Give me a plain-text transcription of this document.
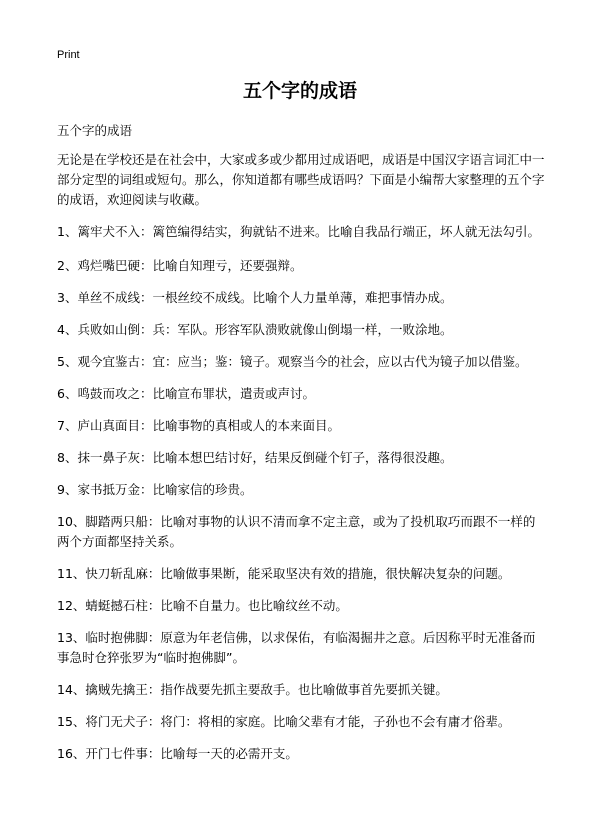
Print
五个字的成语

五个字的成语

无论是在学校还是在社会中，大家或多或少都用过成语吧，成语是中国汉字语言词汇中一部分定型的词组或短句。那么，你知道都有哪些成语吗？下面是小编帮大家整理的五个字的成语，欢迎阅读与收藏。

1、篱牢犬不入：篱笆编得结实，狗就钻不进来。比喻自我品行端正，坏人就无法勾引。

2、鸡烂嘴巴硬：比喻自知理亏，还要强辩。

3、单丝不成线：一根丝绞不成线。比喻个人力量单薄，难把事情办成。

4、兵败如山倒：兵：军队。形容军队溃败就像山倒塌一样，一败涂地。

5、观今宜鉴古：宜：应当；鉴：镜子。观察当今的社会，应以古代为镜子加以借鉴。

6、鸣鼓而攻之：比喻宣布罪状，遣责或声讨。

7、庐山真面目：比喻事物的真相或人的本来面目。

8、抹一鼻子灰：比喻本想巴结讨好，结果反倒碰个钉子，落得很没趣。

9、家书抵万金：比喻家信的珍贵。

10、脚踏两只船：比喻对事物的认识不清而拿不定主意，或为了投机取巧而跟不一样的两个方面都坚持关系。

11、快刀斩乱麻：比喻做事果断，能采取坚决有效的措施，很快解决复杂的问题。

12、蜻蜓撼石柱：比喻不自量力。也比喻纹丝不动。

13、临时抱佛脚：原意为年老信佛，以求保佑，有临渴掘井之意。后因称平时无准备而事急时仓猝张罗为“临时抱佛脚”。

14、擒贼先擒王：指作战要先抓主要敌手。也比喻做事首先要抓关键。

15、将门无犬子：将门：将相的家庭。比喻父辈有才能，子孙也不会有庸才俗辈。

16、开门七件事：比喻每一天的必需开支。
